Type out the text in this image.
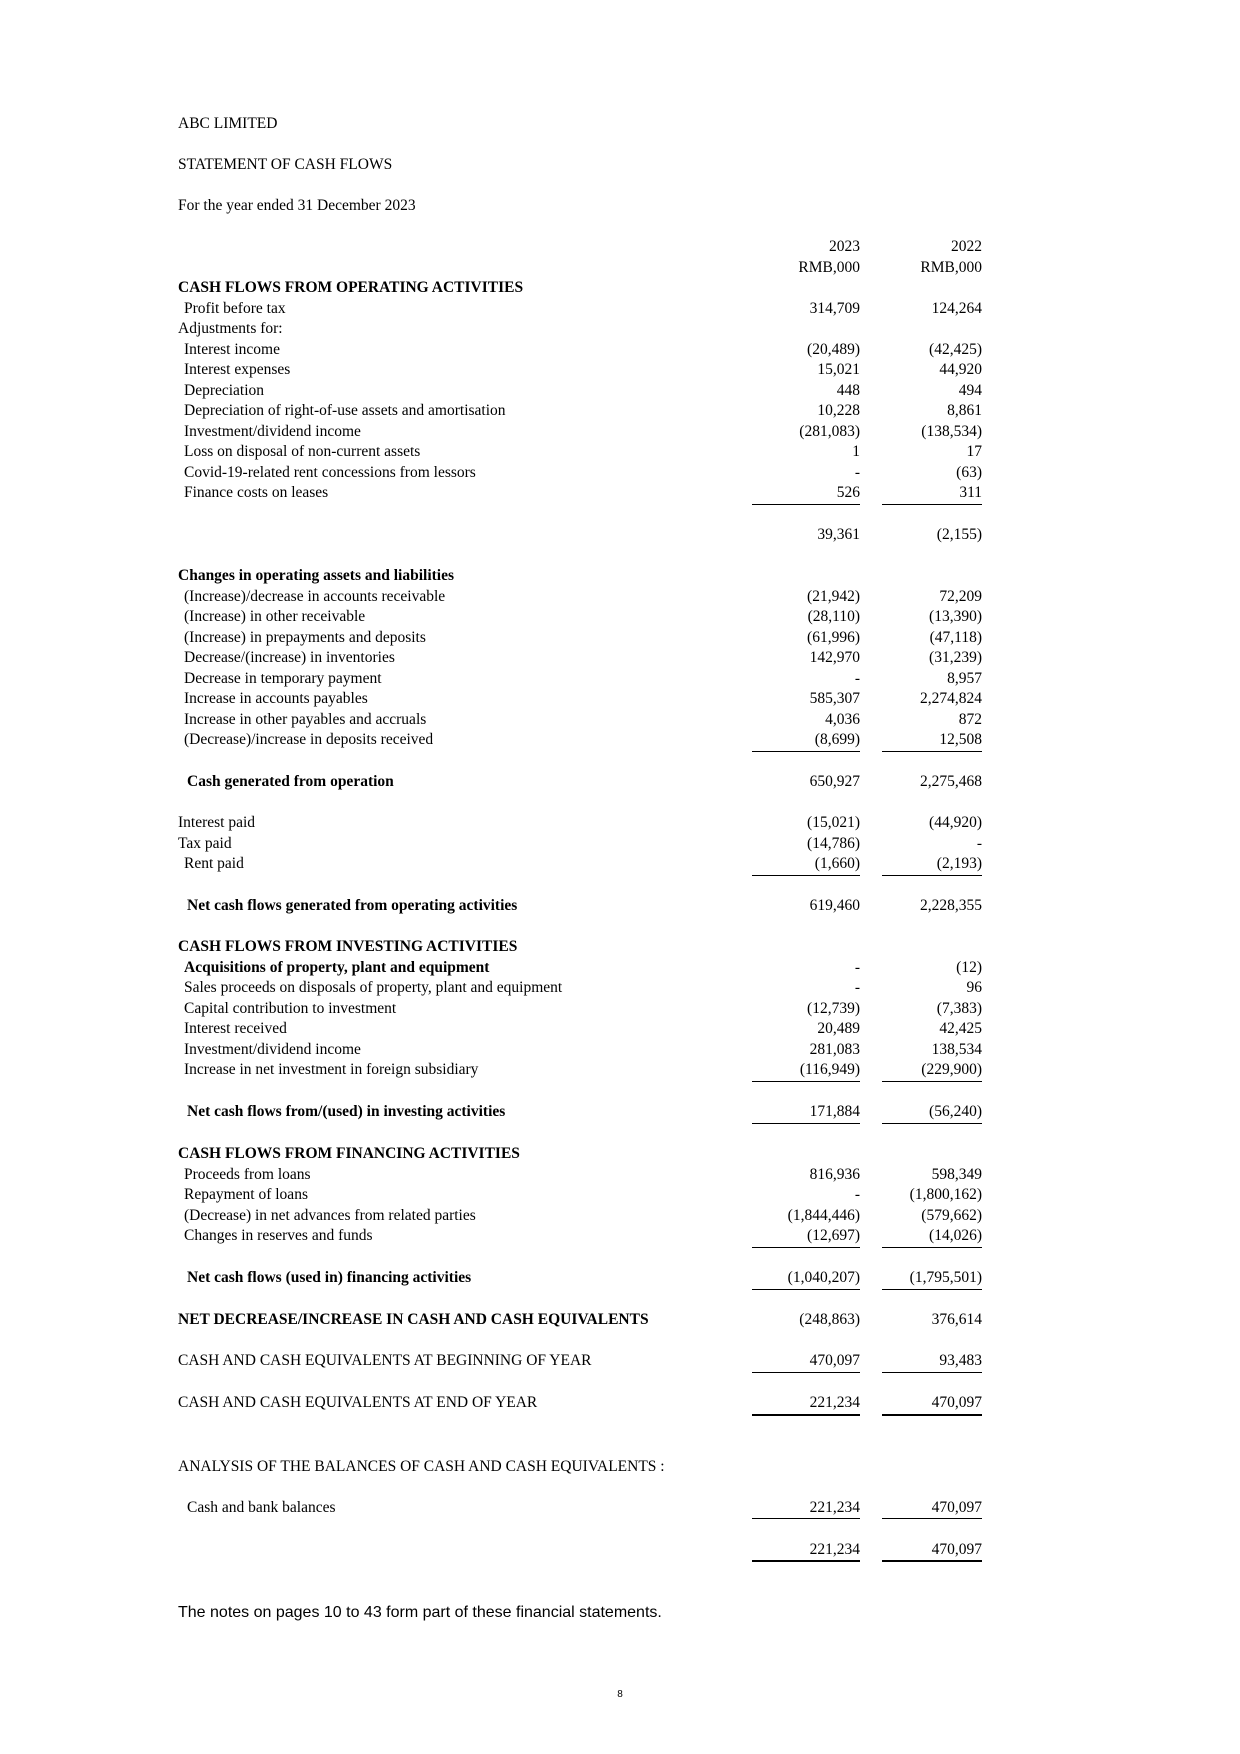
ABC LIMITED
STATEMENT OF CASH FLOWS
For the year ended 31 December 2023
2023	2022
RMB,000	RMB,000
CASH FLOWS FROM OPERATING ACTIVITIES
Profit before tax	314,709	124,264
Adjustments for:
Interest income	(20,489)	(42,425)
Interest expenses	15,021	44,920
Depreciation	448	494
Depreciation of right-of-use assets and amortisation	10,228	8,861
Investment/dividend income	(281,083)	(138,534)
Loss on disposal of non-current assets	1	17
Covid-19-related rent concessions from lessors	-	(63)
Finance costs on leases	526	311
39,361	(2,155)
Changes in operating assets and liabilities
(Increase)/decrease in accounts receivable	(21,942)	72,209
(Increase) in other receivable	(28,110)	(13,390)
(Increase) in prepayments and deposits	(61,996)	(47,118)
Decrease/(increase) in inventories	142,970	(31,239)
Decrease in temporary payment	-	8,957
Increase in accounts payables	585,307	2,274,824
Increase in other payables and accruals	4,036	872
(Decrease)/increase in deposits received	(8,699)	12,508
Cash generated from operation	650,927	2,275,468
Interest paid	(15,021)	(44,920)
Tax paid	(14,786)	-
Rent paid	(1,660)	(2,193)
Net cash flows generated from operating activities	619,460	2,228,355
CASH FLOWS FROM INVESTING ACTIVITIES
Acquisitions of property, plant and equipment	-	(12)
Sales proceeds on disposals of property, plant and equipment	-	96
Capital contribution to investment	(12,739)	(7,383)
Interest received	20,489	42,425
Investment/dividend income	281,083	138,534
Increase in net investment in foreign subsidiary	(116,949)	(229,900)
Net cash flows from/(used) in investing activities	171,884	(56,240)
CASH FLOWS FROM FINANCING ACTIVITIES
Proceeds from loans	816,936	598,349
Repayment of loans	-	(1,800,162)
(Decrease) in net advances from related parties	(1,844,446)	(579,662)
Changes in reserves and funds	(12,697)	(14,026)
Net cash flows (used in) financing activities	(1,040,207)	(1,795,501)
NET DECREASE/INCREASE IN CASH AND CASH EQUIVALENTS	(248,863)	376,614
CASH AND CASH EQUIVALENTS AT BEGINNING OF YEAR	470,097	93,483
CASH AND CASH EQUIVALENTS AT END OF YEAR	221,234	470,097
ANALYSIS OF THE BALANCES OF CASH AND CASH EQUIVALENTS :
Cash and bank balances	221,234	470,097
221,234	470,097
The notes on pages 10 to 43 form part of these financial statements.
8
